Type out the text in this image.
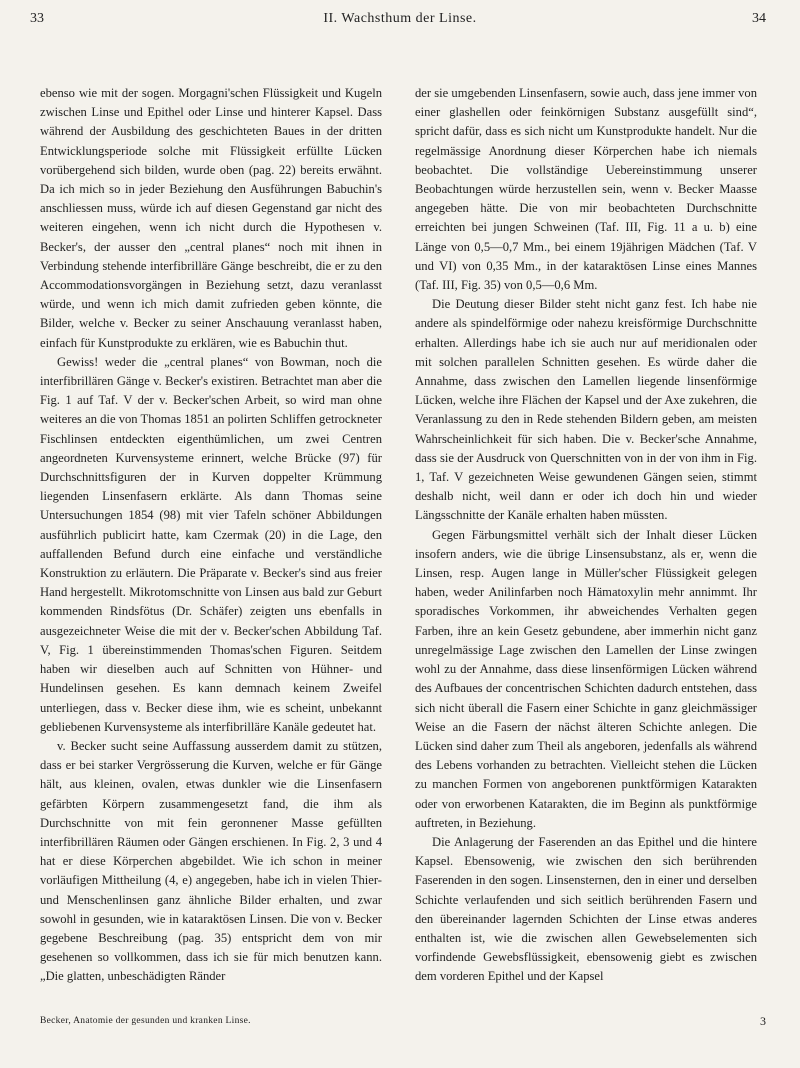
33	II. Wachsthum der Linse.	34

ebenso wie mit der sogen. Morgagni'schen Flüssigkeit und Kugeln zwischen Linse und Epithel oder Linse und hinterer Kapsel. Dass während der Ausbildung des geschichteten Baues in der dritten Entwicklungsperiode solche mit Flüssigkeit erfüllte Lücken vorübergehend sich bilden, wurde oben (pag. 22) bereits erwähnt. Da ich mich so in jeder Beziehung den Ausführungen Babuchin's anschliessen muss, würde ich auf diesen Gegenstand gar nicht des weiteren eingehen, wenn ich nicht durch die Hypothesen v. Becker's, der ausser den „central planes“ noch mit ihnen in Verbindung stehende interfibrilläre Gänge beschreibt, die er zu den Accommodationsvorgängen in Beziehung setzt, dazu veranlasst würde, und wenn ich mich damit zufrieden geben könnte, die Bilder, welche v. Becker zu seiner Anschauung veranlasst haben, einfach für Kunstprodukte zu erklären, wie es Babuchin thut.

Gewiss! weder die „central planes“ von Bowman, noch die interfibrillären Gänge v. Becker's existiren. Betrachtet man aber die Fig. 1 auf Taf. V der v. Becker'schen Arbeit, so wird man ohne weiteres an die von Thomas 1851 an polirten Schliffen getrockneter Fischlinsen entdeckten eigenthümlichen, um zwei Centren angeordneten Kurvensysteme erinnert, welche Brücke (97) für Durchschnittsfiguren der in Kurven doppelter Krümmung liegenden Linsenfasern erklärte. Als dann Thomas seine Untersuchungen 1854 (98) mit vier Tafeln schöner Abbildungen ausführlich publicirt hatte, kam Czermak (20) in die Lage, den auffallenden Befund durch eine einfache und verständliche Konstruktion zu erläutern. Die Präparate v. Becker's sind aus freier Hand hergestellt. Mikrotomschnitte von Linsen aus bald zur Geburt kommenden Rindsfötus (Dr. Schäfer) zeigten uns ebenfalls in ausgezeichneter Weise die mit der v. Becker'schen Abbildung Taf. V, Fig. 1 übereinstimmenden Thomas'schen Figuren. Seitdem haben wir dieselben auch auf Schnitten von Hühner- und Hundelinsen gesehen. Es kann demnach keinem Zweifel unterliegen, dass v. Becker diese ihm, wie es scheint, unbekannt gebliebenen Kurvensysteme als interfibrilläre Kanäle gedeutet hat.

v. Becker sucht seine Auffassung ausserdem damit zu stützen, dass er bei starker Vergrösserung die Kurven, welche er für Gänge hält, aus kleinen, ovalen, etwas dunkler wie die Linsenfasern gefärbten Körpern zusammengesetzt fand, die ihm als Durchschnitte von mit fein geronnener Masse gefüllten interfibrillären Räumen oder Gängen erschienen. In Fig. 2, 3 und 4 hat er diese Körperchen abgebildet. Wie ich schon in meiner vorläufigen Mittheilung (4, e) angegeben, habe ich in vielen Thier- und Menschenlinsen ganz ähnliche Bilder erhalten, und zwar sowohl in gesunden, wie in kataraktösen Linsen. Die von v. Becker gegebene Beschreibung (pag. 35) entspricht dem von mir gesehenen so vollkommen, dass ich sie für mich benutzen kann. „Die glatten, unbeschädigten Ränder

der sie umgebenden Linsenfasern, sowie auch, dass jene immer von einer glashellen oder feinkörnigen Substanz ausgefüllt sind“, spricht dafür, dass es sich nicht um Kunstprodukte handelt. Nur die regelmässige Anordnung dieser Körperchen habe ich niemals beobachtet. Die vollständige Uebereinstimmung unserer Beobachtungen würde herzustellen sein, wenn v. Becker Maasse angegeben hätte. Die von mir beobachteten Durchschnitte erreichten bei jungen Schweinen (Taf. III, Fig. 11 a u. b) eine Länge von 0,5—0,7 Mm., bei einem 19jährigen Mädchen (Taf. V und VI) von 0,35 Mm., in der kataraktösen Linse eines Mannes (Taf. III, Fig. 35) von 0,5—0,6 Mm.

Die Deutung dieser Bilder steht nicht ganz fest. Ich habe nie andere als spindelförmige oder nahezu kreisförmige Durchschnitte erhalten. Allerdings habe ich sie auch nur auf meridionalen oder mit solchen parallelen Schnitten gesehen. Es würde daher die Annahme, dass zwischen den Lamellen liegende linsenförmige Lücken, welche ihre Flächen der Kapsel und der Axe zukehren, die Veranlassung zu den in Rede stehenden Bildern geben, am meisten Wahrscheinlichkeit für sich haben. Die v. Becker'sche Annahme, dass sie der Ausdruck von Querschnitten von in der von ihm in Fig. 1, Taf. V gezeichneten Weise gewundenen Gängen seien, stimmt deshalb nicht, weil dann er oder ich doch hin und wieder Längsschnitte der Kanäle erhalten haben müssten.

Gegen Färbungsmittel verhält sich der Inhalt dieser Lücken insofern anders, wie die übrige Linsensubstanz, als er, wenn die Linsen, resp. Augen lange in Müller'scher Flüssigkeit gelegen haben, weder Anilinfarben noch Hämatoxylin mehr annimmt. Ihr sporadisches Vorkommen, ihr abweichendes Verhalten gegen Farben, ihre an kein Gesetz gebundene, aber immerhin nicht ganz unregelmässige Lage zwischen den Lamellen der Linse zwingen wohl zu der Annahme, dass diese linsenförmigen Lücken während des Aufbaues der concentrischen Schichten dadurch entstehen, dass sich nicht überall die Fasern einer Schichte in ganz gleichmässiger Weise an die Fasern der nächst älteren Schichte anlegen. Die Lücken sind daher zum Theil als angeboren, jedenfalls als während des Lebens vorhanden zu betrachten. Vielleicht stehen die Lücken zu manchen Formen von angeborenen punktförmigen Katarakten oder von erworbenen Katarakten, die im Beginn als punktförmige auftreten, in Beziehung.

Die Anlagerung der Faserenden an das Epithel und die hintere Kapsel. Ebensowenig, wie zwischen den sich berührenden Faserenden in den sogen. Linsensternen, den in einer und derselben Schichte verlaufenden und sich seitlich berührenden Fasern und den übereinander lagernden Schichten der Linse etwas anderes enthalten ist, wie die zwischen allen Gewebselementen sich vorfindende Gewebsflüssigkeit, ebensowenig giebt es zwischen dem vorderen Epithel und der Kapsel

Becker, Anatomie der gesunden und kranken Linse.	3
